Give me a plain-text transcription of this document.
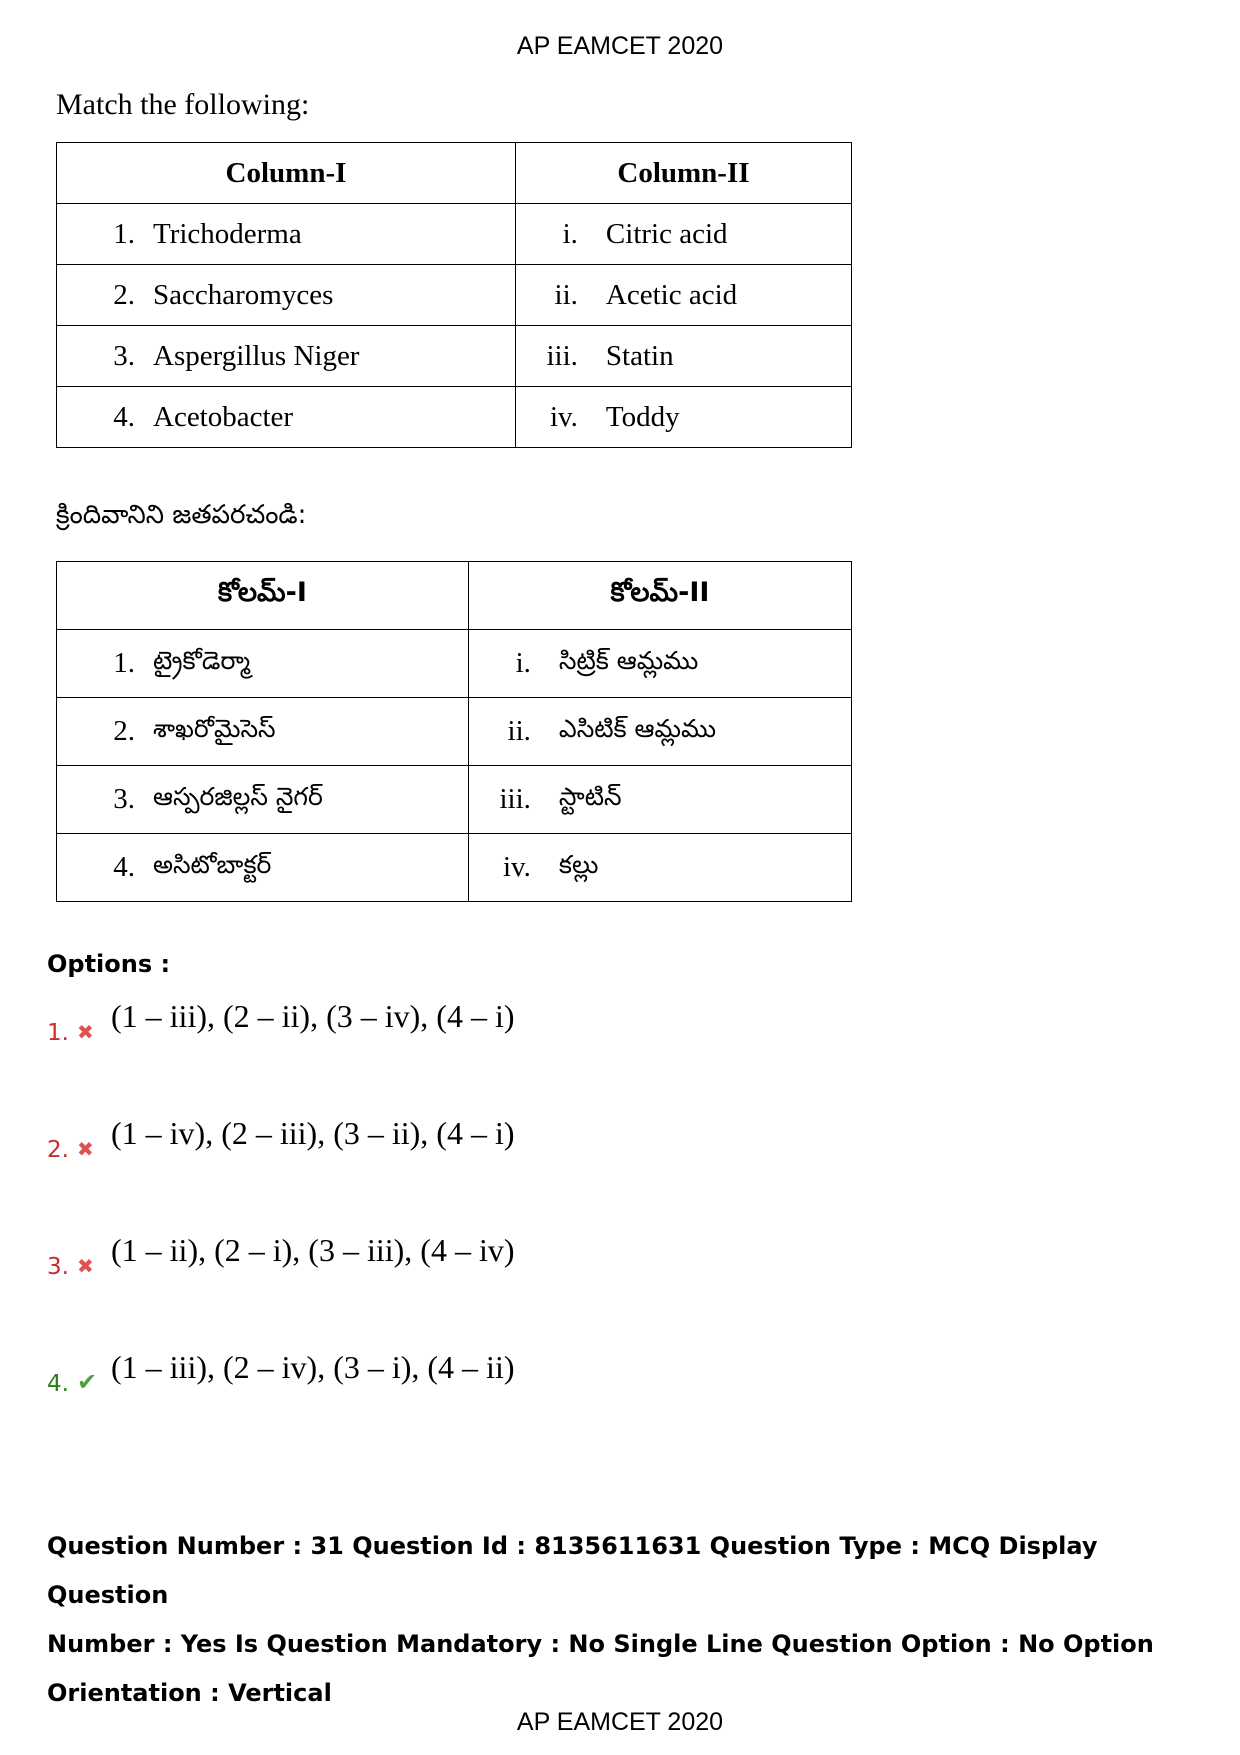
AP EAMCET 2020
Match the following:
Column-I	Column-II

1. Trichoderma	i. Citric acid

2. Saccharomyces	ii. Acetic acid

3. Aspergillus Niger	iii. Statin

4. Acetobacter	iv. Toddy
క్రిందివానిని జతపరచండి:
కోలమ్-I	కోలమ్-II

1. ట్రైకోడెర్మా	i. సిట్రిక్ ఆమ్లము

2. శాఖరోమైసెస్	ii. ఎసిటిక్ ఆమ్లము

3. ఆస్పరజిల్లస్ నైగర్	iii. స్టాటిన్

4. అసిటోబాక్టర్	iv. కల్లు
Options :
1. ✖ (1 – iii), (2 – ii), (3 – iv), (4 – i)
2. ✖ (1 – iv), (2 – iii), (3 – ii), (4 – i)
3. ✖ (1 – ii), (2 – i), (3 – iii), (4 – iv)
4. ✔ (1 – iii), (2 – iv), (3 – i), (4 – ii)
Question Number : 31 Question Id : 8135611631 Question Type : MCQ Display Question
Number : Yes Is Question Mandatory : No Single Line Question Option : No Option
Orientation : Vertical
AP EAMCET 2020
